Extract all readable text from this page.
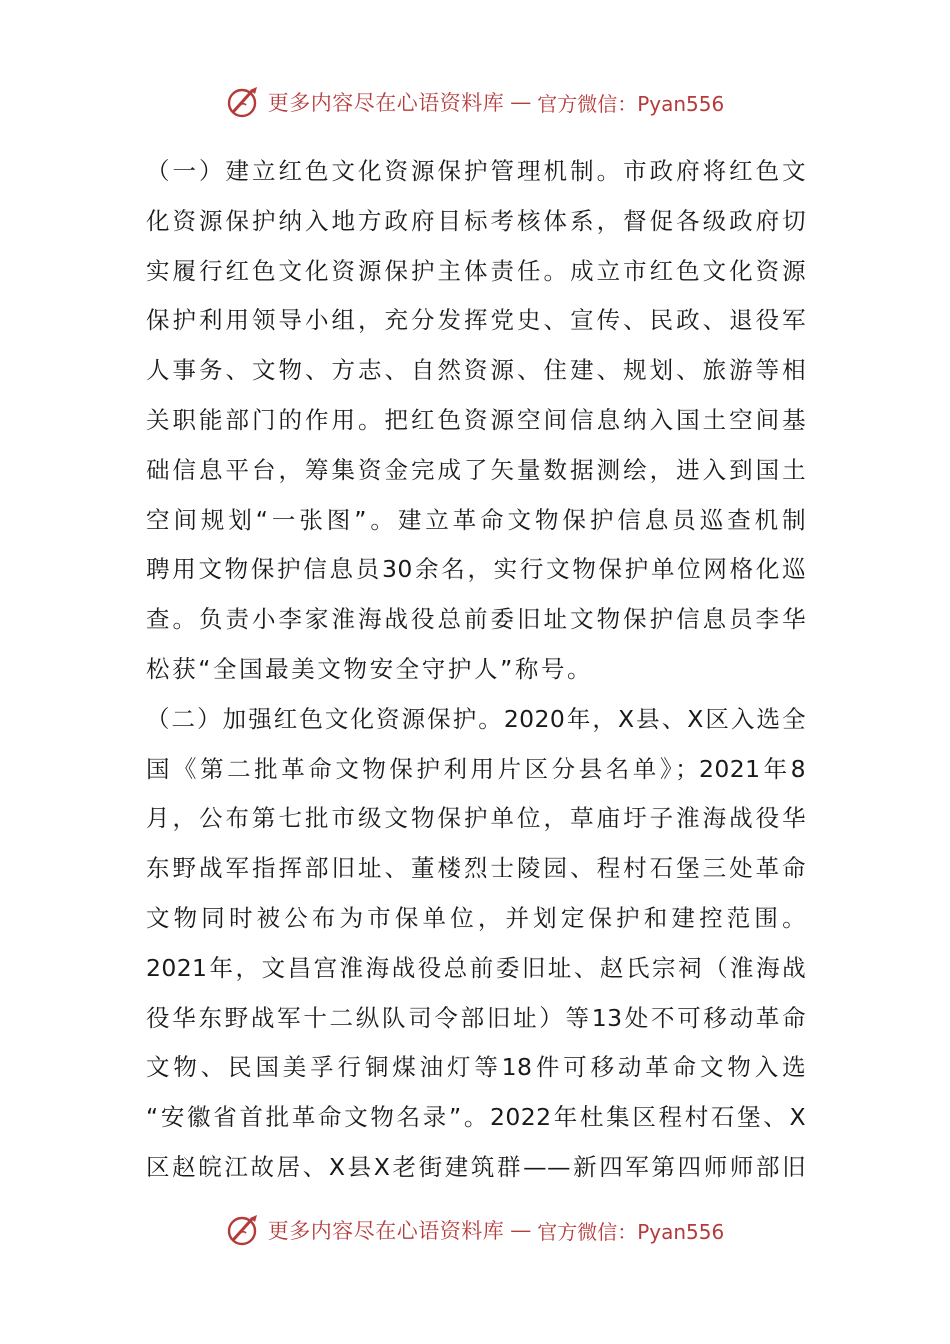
更多内容尽在心语资料库 — 官方微信：Pyan556
（一）建立红色文化资源保护管理机制。市政府将红色文
化资源保护纳入地方政府目标考核体系，督促各级政府切
实履行红色文化资源保护主体责任。成立市红色文化资源
保护利用领导小组，充分发挥党史、宣传、民政、退役军
人事务、文物、方志、自然资源、住建、规划、旅游等相
关职能部门的作用。把红色资源空间信息纳入国土空间基
础信息平台，筹集资金完成了矢量数据测绘，进入到国土
空间规划“一张图”。建立革命文物保护信息员巡查机制
聘用文物保护信息员30余名，实行文物保护单位网格化巡
查。负责小李家淮海战役总前委旧址文物保护信息员李华
松获“全国最美文物安全守护人”称号。
（二）加强红色文化资源保护。2020年，X县、X区入选全
国《第二批革命文物保护利用片区分县名单》；2021年8
月，公布第七批市级文物保护单位，草庙圩子淮海战役华
东野战军指挥部旧址、董楼烈士陵园、程村石堡三处革命
文物同时被公布为市保单位，并划定保护和建控范围。
2021年，文昌宫淮海战役总前委旧址、赵氏宗祠（淮海战
役华东野战军十二纵队司令部旧址）等13处不可移动革命
文物、民国美孚行铜煤油灯等18件可移动革命文物入选
“安徽省首批革命文物名录”。2022年杜集区程村石堡、X
区赵皖江故居、X县X老街建筑群——新四军第四师师部旧
更多内容尽在心语资料库 — 官方微信：Pyan556
